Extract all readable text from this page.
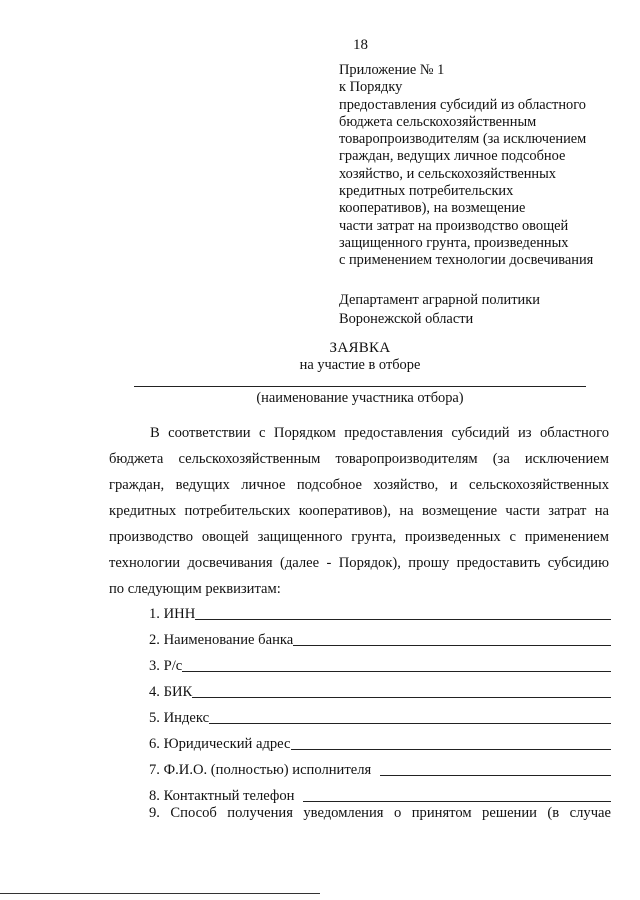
18
Приложение № 1
к Порядку
предоставления субсидий из областного
бюджета сельскохозяйственным
товаропроизводителям (за исключением
граждан, ведущих личное подсобное
хозяйство, и сельскохозяйственных
кредитных потребительских
кооперативов), на возмещение
части затрат на производство овощей
защищенного грунта, произведенных
с применением технологии досвечивания
Департамент аграрной политики
Воронежской области
ЗАЯВКА
на участие в отборе
(наименование участника отбора)
В соответствии с Порядком предоставления субсидий из областного
бюджета сельскохозяйственным товаропроизводителям (за исключением
граждан, ведущих личное подсобное хозяйство, и сельскохозяйственных
кредитных потребительских кооперативов), на возмещение части затрат на
производство овощей защищенного грунта, произведенных с применением
технологии досвечивания (далее - Порядок), прошу предоставить субсидию
по следующим реквизитам:
1.
ИНН
2.
Наименование банка
3.
Р/с
4.
БИК
5.
Индекс
6.
Юридический адрес
7.
Ф.И.О. (полностью) исполнителя
8.
Контактный телефон
9. Способ получения уведомления о принятом решении (в случае
